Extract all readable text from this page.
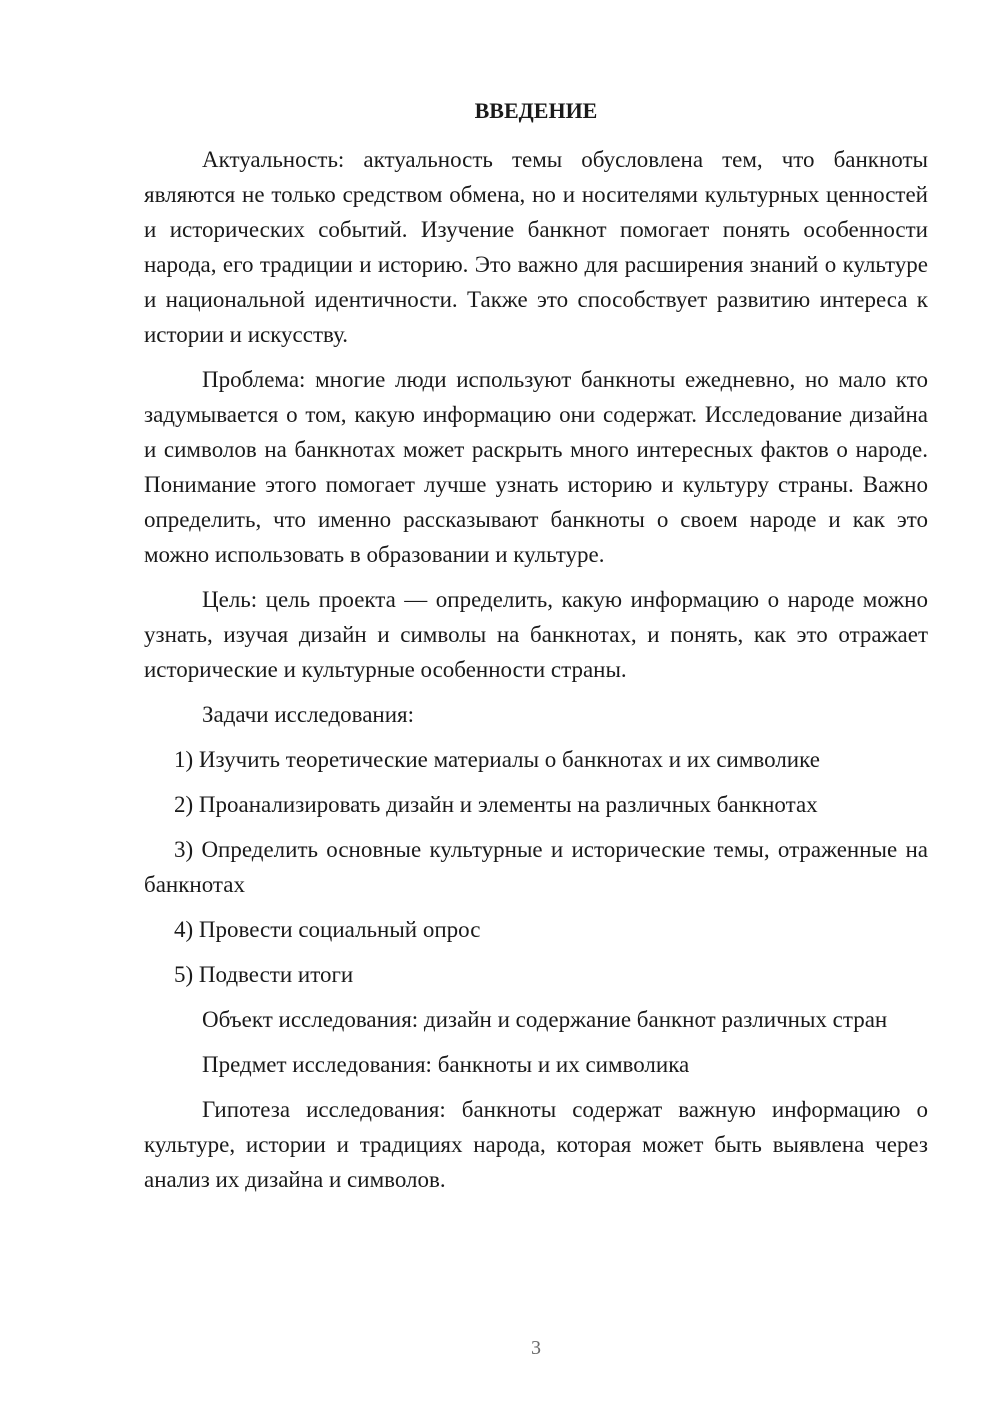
ВВЕДЕНИЕ

Актуальность: актуальность темы обусловлена тем, что банкноты являются не только средством обмена, но и носителями культурных ценностей и исторических событий. Изучение банкнот помогает понять особенности народа, его традиции и историю. Это важно для расширения знаний о культуре и национальной идентичности. Также это способствует развитию интереса к истории и искусству.

Проблема: многие люди используют банкноты ежедневно, но мало кто задумывается о том, какую информацию они содержат. Исследование дизайна и символов на банкнотах может раскрыть много интересных фактов о народе. Понимание этого помогает лучше узнать историю и культуру страны. Важно определить, что именно рассказывают банкноты о своем народе и как это можно использовать в образовании и культуре.

Цель: цель проекта — определить, какую информацию о народе можно узнать, изучая дизайн и символы на банкнотах, и понять, как это отражает исторические и культурные особенности страны.

Задачи исследования:

1) Изучить теоретические материалы о банкнотах и их символике

2) Проанализировать дизайн и элементы на различных банкнотах

3) Определить основные культурные и исторические темы, отраженные на банкнотах

4) Провести социальный опрос

5) Подвести итоги

Объект исследования: дизайн и содержание банкнот различных стран

Предмет исследования: банкноты и их символика

Гипотеза исследования: банкноты содержат важную информацию о культуре, истории и традициях народа, которая может быть выявлена через анализ их дизайна и символов.

3
